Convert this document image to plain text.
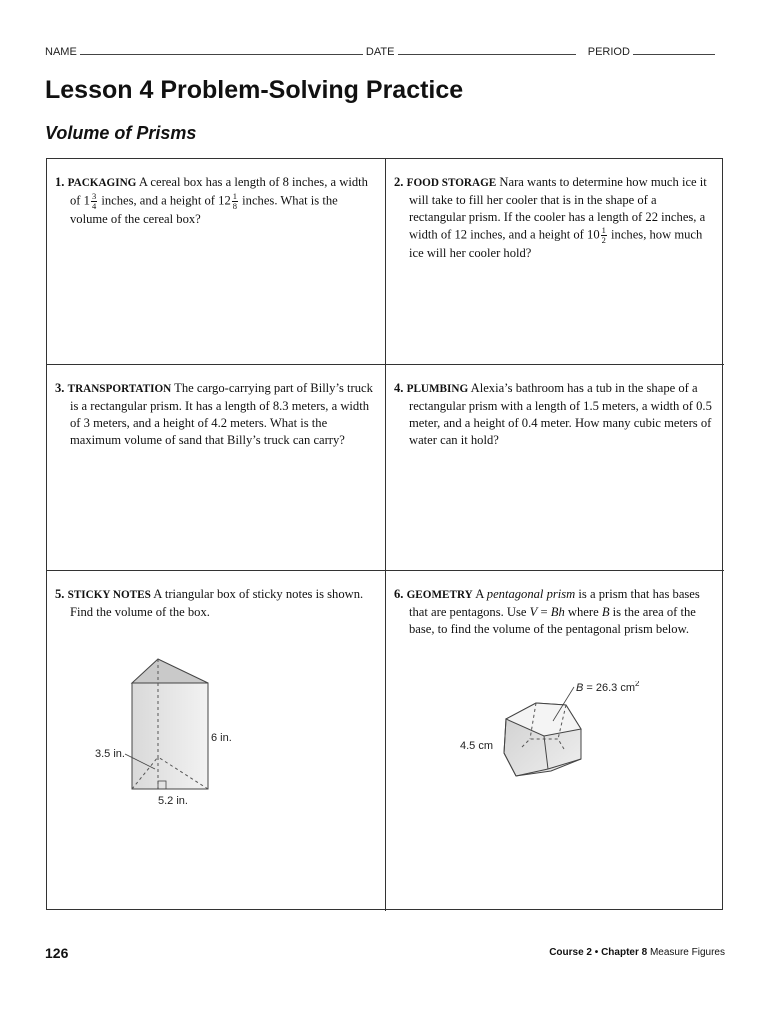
NAME	DATE	PERIOD
Lesson 4 Problem-Solving Practice
Volume of Prisms

1. PACKAGING A cereal box has a length of 8 inches, a width of $1 \frac{3}{4}$ inches, and a height of $12 \frac{1}{8}$ inches. What is the volume of the cereal box?

2. FOOD STORAGE Nara wants to determine how much ice it will take to fill her cooler that is in the shape of a rectangular prism. If the cooler has a length of 22 inches, a width of 12 inches, and a height of $10 \frac{1}{2}$ inches, how much ice will her cooler hold?

3. TRANSPORTATION The cargo-carrying part of Billy’s truck is a rectangular prism. It has a length of 8.3 meters, a width of 3 meters, and a height of 4.2 meters. What is the maximum volume of sand that Billy’s truck can carry?

4. PLUMBING Alexia’s bathroom has a tub in the shape of a rectangular prism with a length of 1.5 meters, a width of 0.5 meter, and a height of 0.4 meter. How many cubic meters of water can it hold?

5. STICKY NOTES A triangular box of sticky notes is shown. Find the volume of the box.

6 in.
3.5 in.
5.2 in.

6. GEOMETRY A pentagonal prism is a prism that has bases that are pentagons. Use V = Bh where B is the area of the base, to find the volume of the pentagonal prism below.

B = 26.3 $cm^2$
4.5 cm
126	Course 2 • Chapter 8 Measure Figures
